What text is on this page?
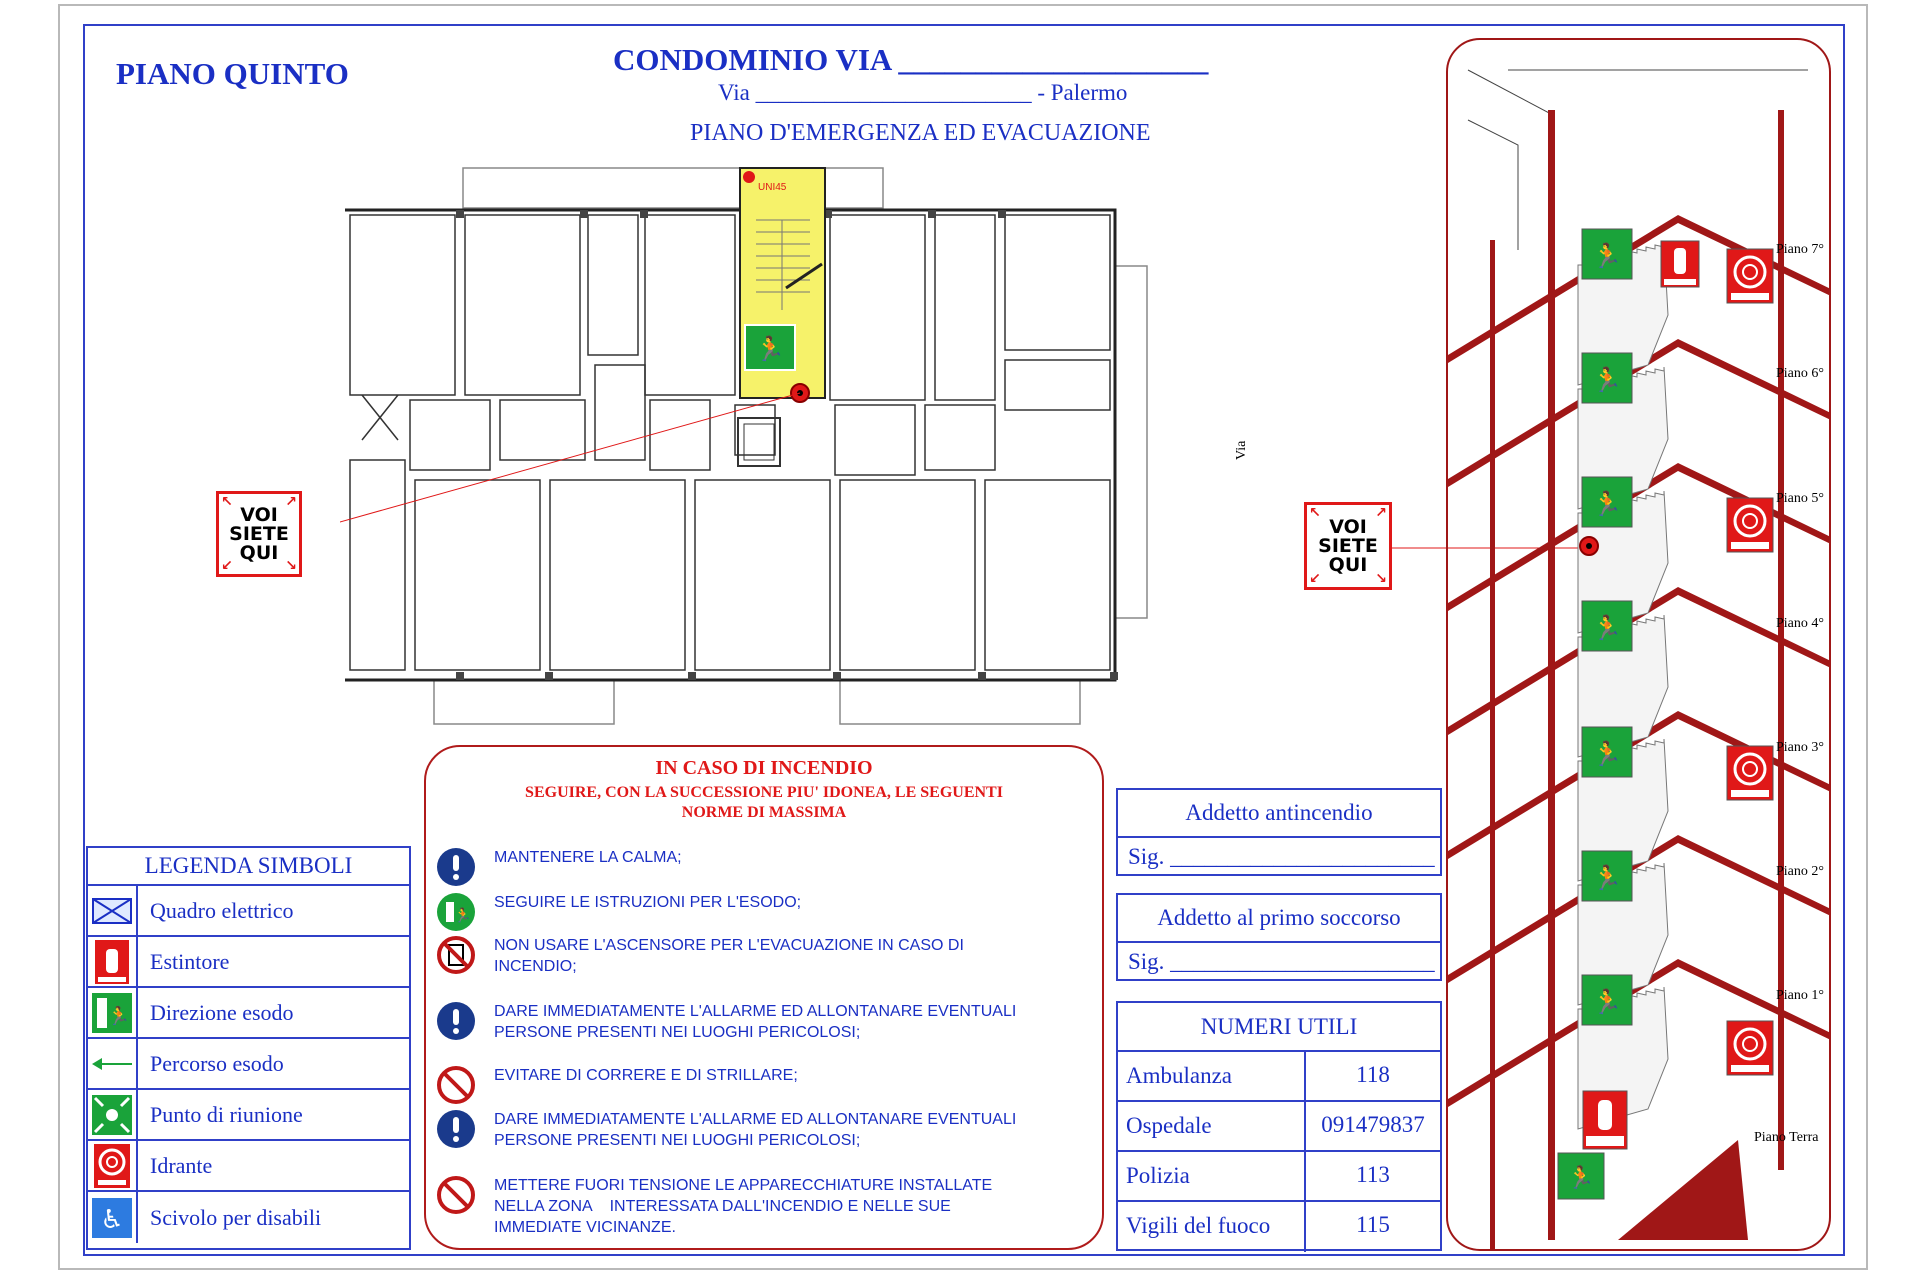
PIANO QUINTO	CONDOMINIO VIA ____________________
Via ________________________ - Palermo
PIANO D'EMERGENZA ED EVACUAZIONE
UNI45
🏃
Via
↖	↗
↙	↘
VOI
SIETE
QUI
↖	↗
↙	↘
VOI
SIETE
QUI
LEGENDA SIMBOLI
Quadro elettrico
Estintore
🏃 Direzione esodo
Percorso esodo
Punto di riunione
Idrante
♿	Scivolo per disabili
IN CASO DI INCENDIO
SEGUIRE, CON LA SUCCESSIONE PIU' IDONEA, LE SEGUENTI
NORME DI MASSIMA
MANTENERE LA CALMA;
🏃
SEGUIRE LE ISTRUZIONI PER L'ESODO;
NON USARE L'ASCENSORE PER L'EVACUAZIONE IN CASO DI
INCENDIO;
DARE IMMEDIATAMENTE L'ALLARME ED ALLONTANARE EVENTUALI
PERSONE PRESENTI NEI LUOGHI PERICOLOSI;
EVITARE DI CORRERE E DI STRILLARE;
DARE IMMEDIATAMENTE L'ALLARME ED ALLONTANARE EVENTUALI
PERSONE PRESENTI NEI LUOGHI PERICOLOSI;
METTERE FUORI TENSIONE LE APPARECCHIATURE INSTALLATE
NELLA ZONA    INTERESSATA DALL'INCENDIO E NELLE SUE
IMMEDIATE VICINANZE.
Addetto antincendio
Sig. _______________________
Addetto al primo soccorso
Sig. _______________________
NUMERI UTILI
Ambulanza	118
Ospedale	091479837
Polizia	113
Vigili del fuoco	115
Piano 7°
Piano 6°
Piano 5°
Piano 4°
Piano 3°
Piano 2°
Piano 1°
Piano Terra
🏃
🏃
🏃
🏃
🏃
🏃
🏃
🏃
